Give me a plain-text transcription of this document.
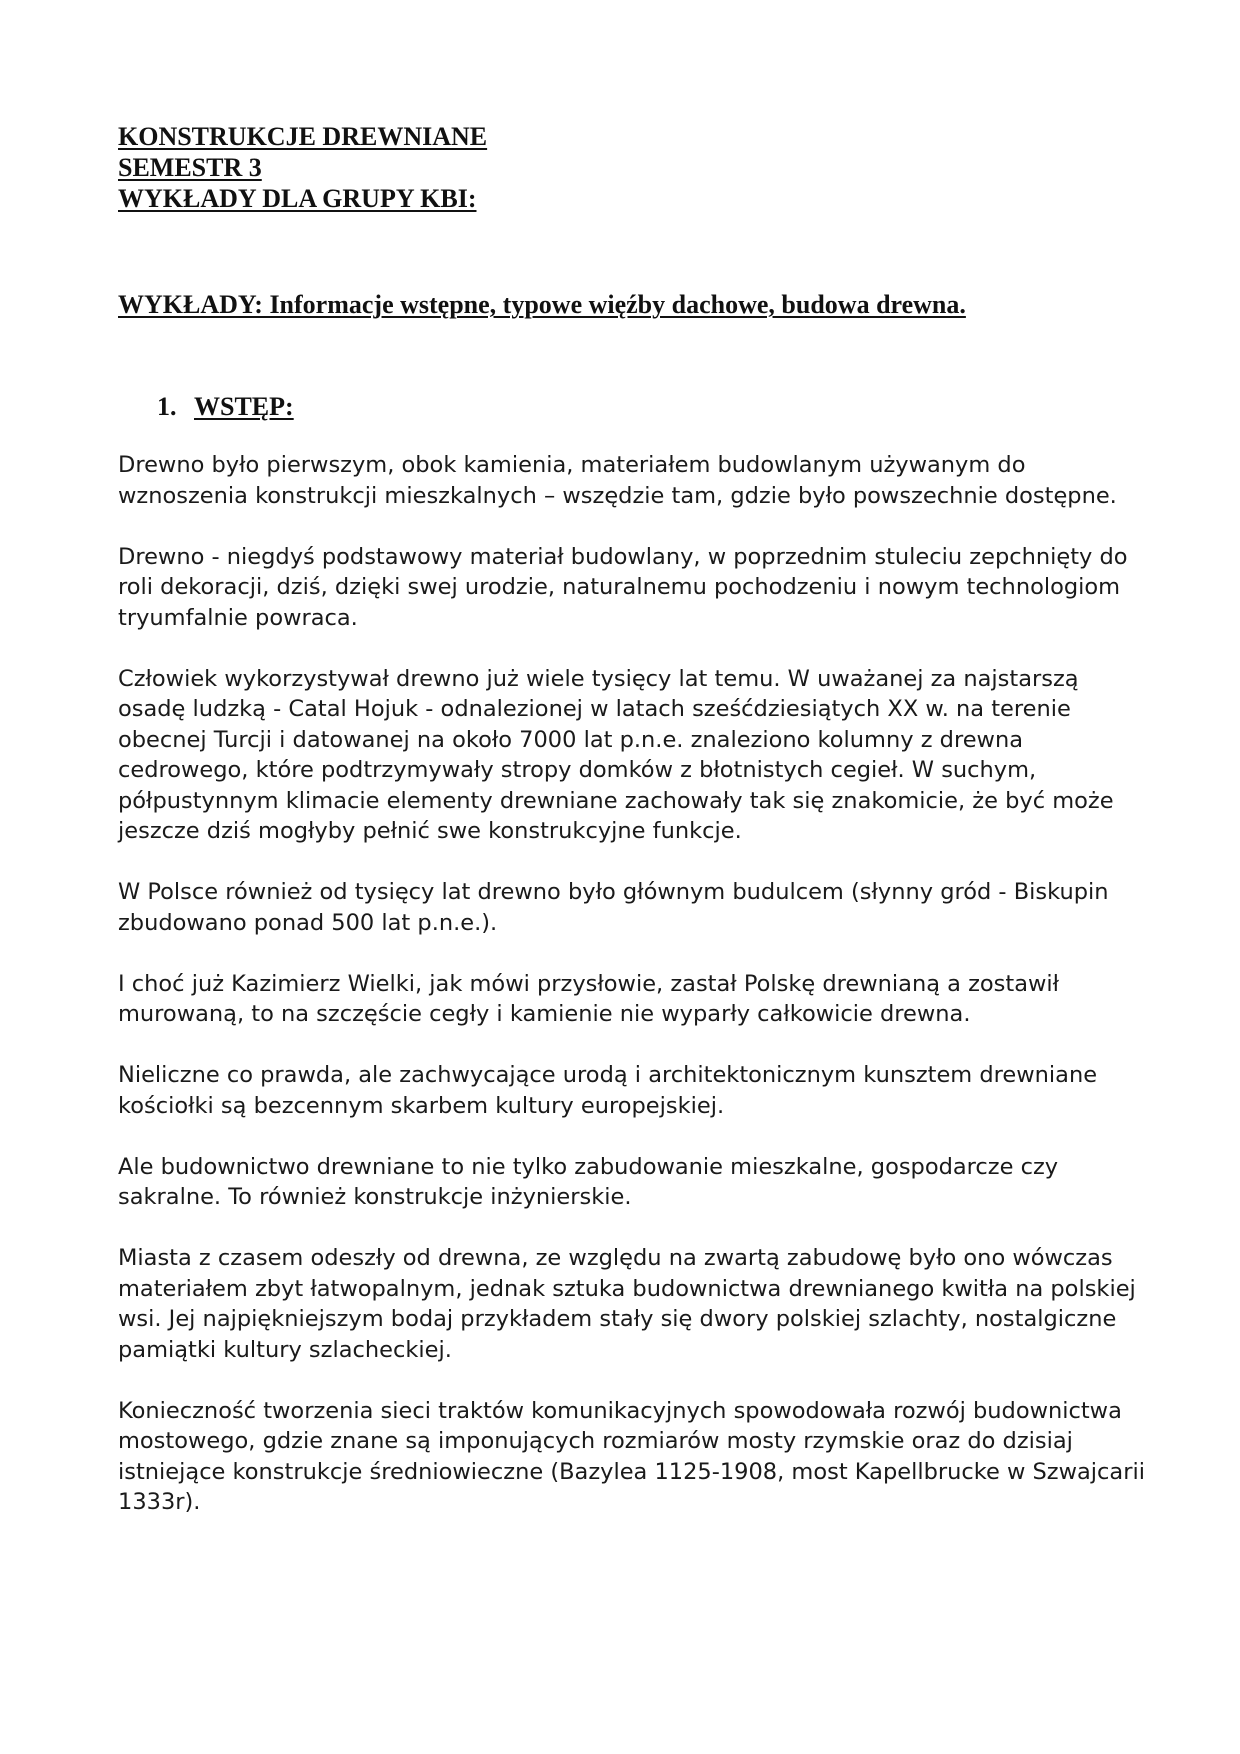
KONSTRUKCJE DREWNIANE
SEMESTR 3
WYKŁADY DLA GRUPY KBI:
WYKŁADY: Informacje wstępne, typowe więźby dachowe, budowa drewna.
1. WSTĘP:

Drewno było pierwszym, obok kamienia, materiałem budowlanym używanym do
wznoszenia konstrukcji mieszkalnych – wszędzie tam, gdzie było powszechnie dostępne.

Drewno - niegdyś podstawowy materiał budowlany, w poprzednim stuleciu zepchnięty do
roli dekoracji, dziś, dzięki swej urodzie, naturalnemu pochodzeniu i nowym technologiom
tryumfalnie powraca.

Człowiek wykorzystywał drewno już wiele tysięcy lat temu. W uważanej za najstarszą
osadę ludzką - Catal Hojuk - odnalezionej w latach sześćdziesiątych XX w. na terenie
obecnej Turcji i datowanej na około 7000 lat p.n.e. znaleziono kolumny z drewna
cedrowego, które podtrzymywały stropy domków z błotnistych cegieł. W suchym,
półpustynnym klimacie elementy drewniane zachowały tak się znakomicie, że być może
jeszcze dziś mogłyby pełnić swe konstrukcyjne funkcje.

W Polsce również od tysięcy lat drewno było głównym budulcem (słynny gród - Biskupin
zbudowano ponad 500 lat p.n.e.).

I choć już Kazimierz Wielki, jak mówi przysłowie, zastał Polskę drewnianą a zostawił
murowaną, to na szczęście cegły i kamienie nie wyparły całkowicie drewna.

Nieliczne co prawda, ale zachwycające urodą i architektonicznym kunsztem drewniane
kościołki są bezcennym skarbem kultury europejskiej.

Ale budownictwo drewniane to nie tylko zabudowanie mieszkalne, gospodarcze czy
sakralne. To również konstrukcje inżynierskie.

Miasta z czasem odeszły od drewna, ze względu na zwartą zabudowę było ono wówczas
materiałem zbyt łatwopalnym, jednak sztuka budownictwa drewnianego kwitła na polskiej
wsi. Jej najpiękniejszym bodaj przykładem stały się dwory polskiej szlachty, nostalgiczne
pamiątki kultury szlacheckiej.

Konieczność tworzenia sieci traktów komunikacyjnych spowodowała rozwój budownictwa
mostowego, gdzie znane są imponujących rozmiarów mosty rzymskie oraz do dzisiaj
istniejące konstrukcje średniowieczne (Bazylea 1125-1908, most Kapellbrucke w Szwajcarii
1333r).
